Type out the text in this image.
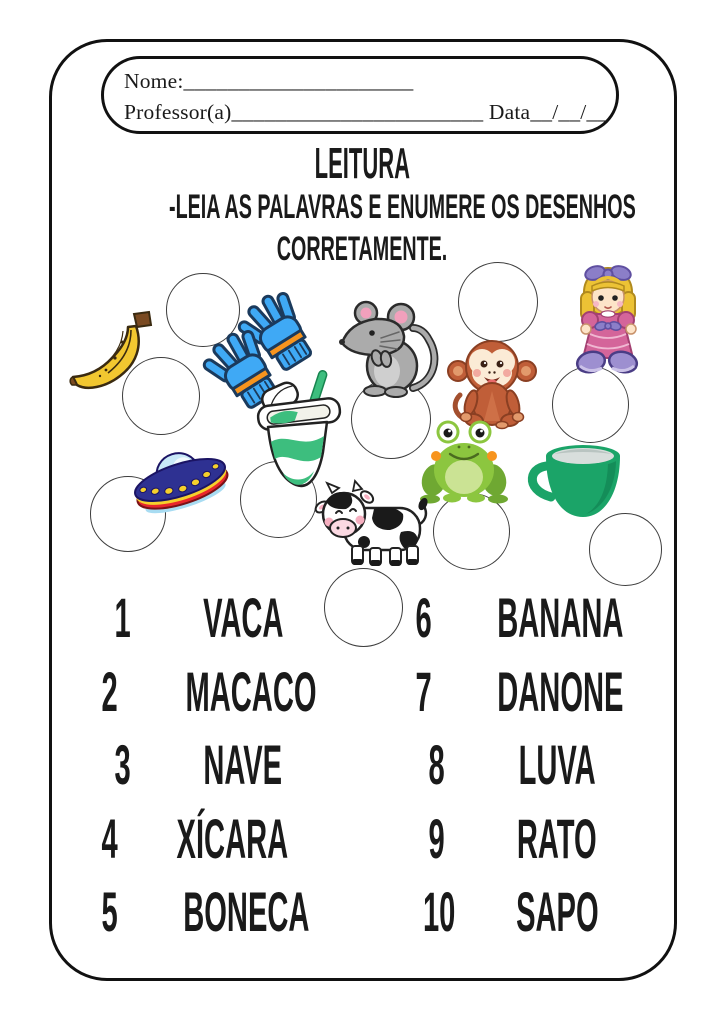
Nome:_____________________
Professor(a)_______________________ Data__/__/__
LEITURA
-LEIA AS PALAVRAS E ENUMERE OS DESENHOS
CORRETAMENTE.
1	VACA
2	MACACO
3	NAVE
4	XÍCARA
5	BONECA
6	BANANA
7	DANONE
8	LUVA
9	RATO
10	SAPO
